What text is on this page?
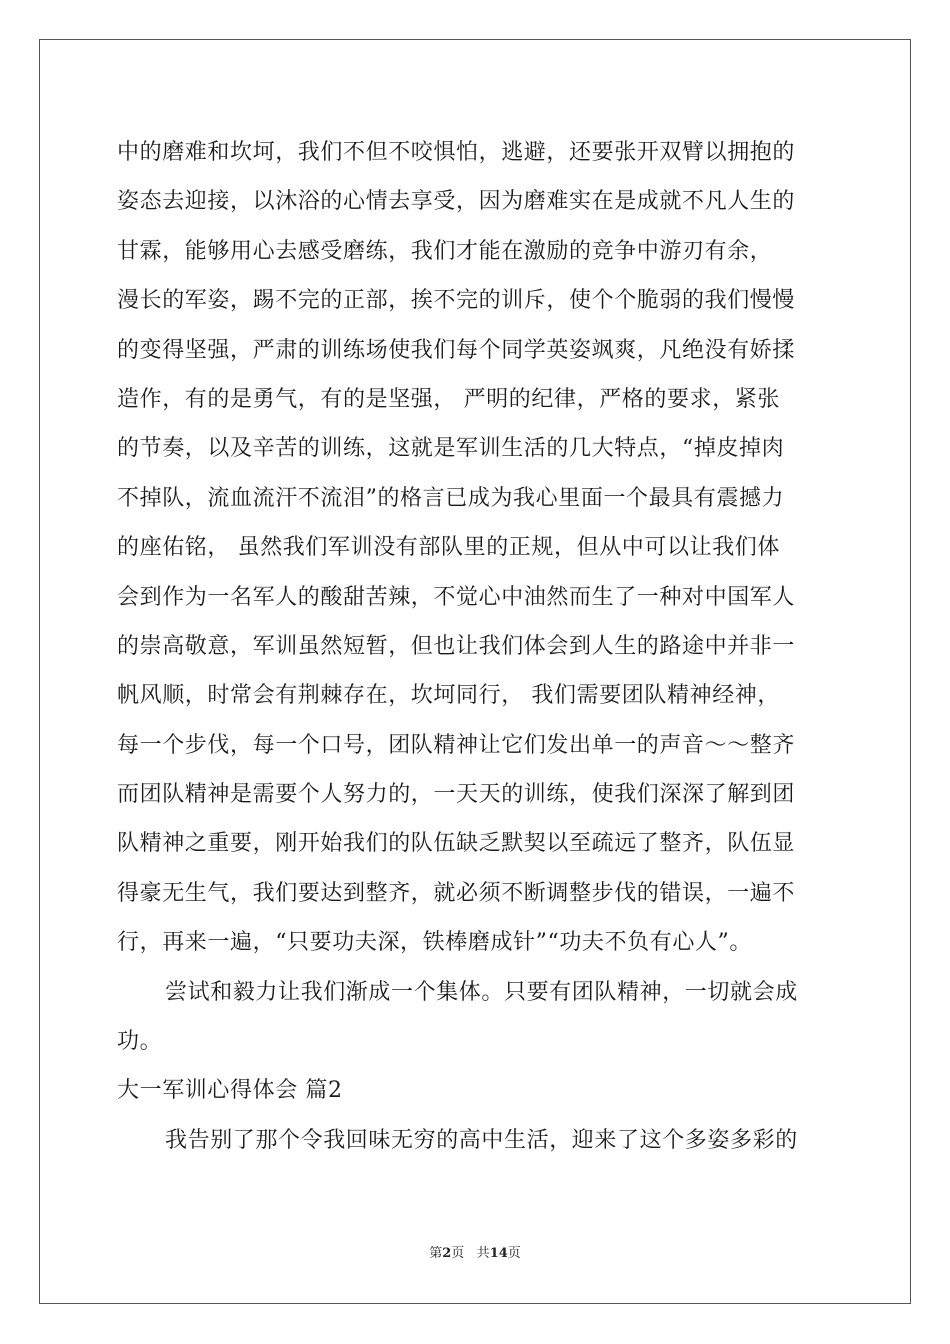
中的磨难和坎坷，我们不但不咬惧怕，逃避，还要张开双臂以拥抱的
姿态去迎接，以沐浴的心情去享受，因为磨难实在是成就不凡人生的
甘霖，能够用心去感受磨练，我们才能在激励的竞争中游刃有余，
漫长的军姿，踢不完的正部，挨不完的训斥，使个个脆弱的我们慢慢
的变得坚强，严肃的训练场使我们每个同学英姿飒爽，凡绝没有娇揉
造作，有的是勇气，有的是坚强， 严明的纪律，严格的要求，紧张
的节奏，以及辛苦的训练，这就是军训生活的几大特点，“掉皮掉肉
不掉队，流血流汗不流泪”的格言已成为我心里面一个最具有震撼力
的座佑铭， 虽然我们军训没有部队里的正规，但从中可以让我们体
会到作为一名军人的酸甜苦辣，不觉心中油然而生了一种对中国军人
的崇高敬意，军训虽然短暂，但也让我们体会到人生的路途中并非一
帆风顺，时常会有荆棘存在，坎坷同行， 我们需要团队精神经神，
每一个步伐，每一个口号，团队精神让它们发出单一的声音～～整齐
而团队精神是需要个人努力的，一天天的训练，使我们深深了解到团
队精神之重要，刚开始我们的队伍缺乏默契以至疏远了整齐，队伍显
得豪无生气，我们要达到整齐，就必须不断调整步伐的错误，一遍不
行，再来一遍，“只要功夫深，铁棒磨成针”“功夫不负有心人”。
尝试和毅力让我们渐成一个集体。只要有团队精神，一切就会成
功。
大一军训心得体会 篇2
我告别了那个令我回味无穷的高中生活，迎来了这个多姿多彩的
第2页 共14页
